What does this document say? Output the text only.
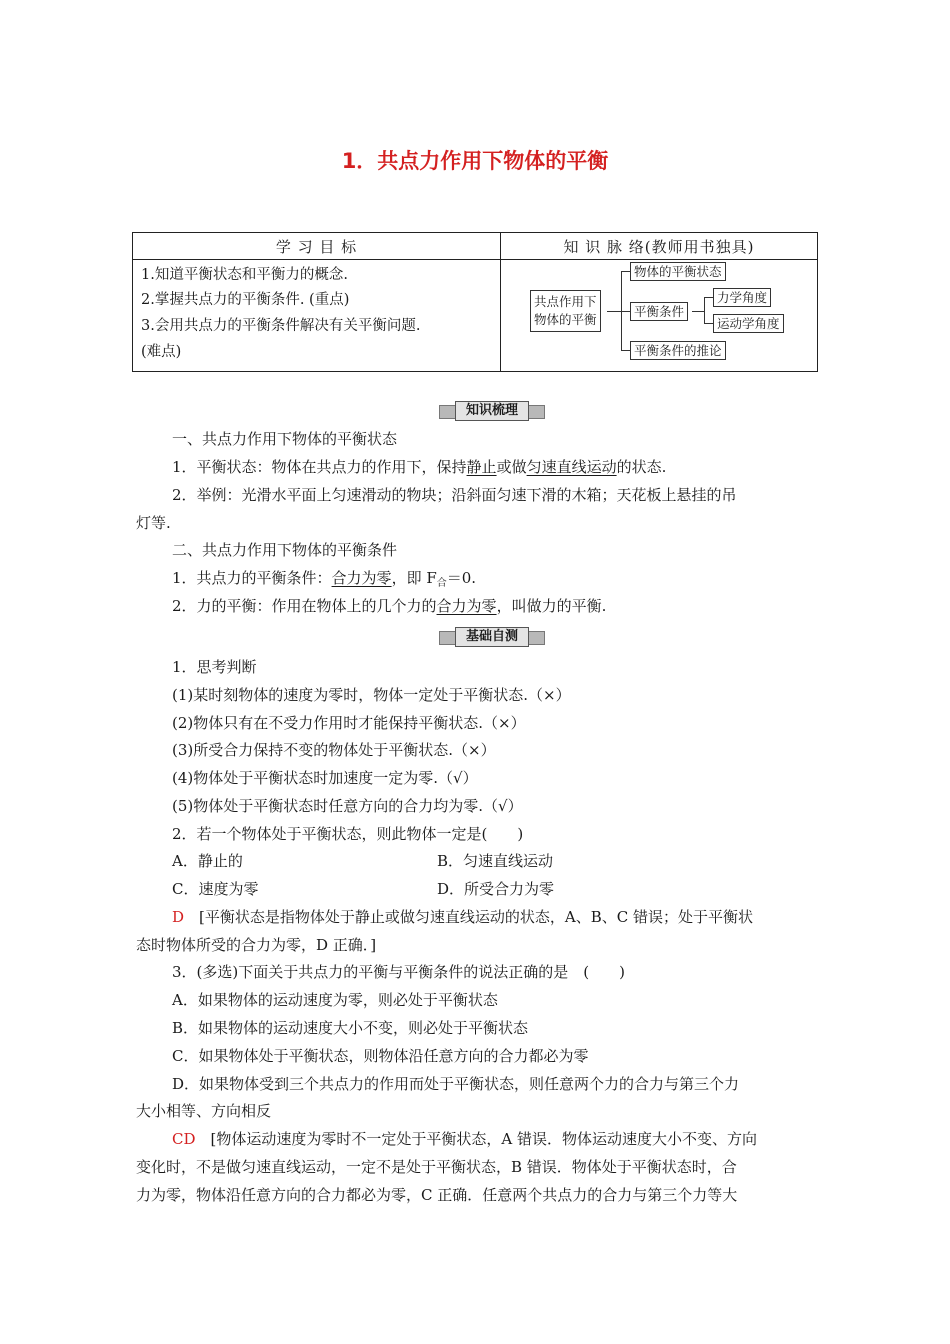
1．共点力作用下物体的平衡
学 习 目 标	知 识 脉 络(教师用书独具)
1.知道平衡状态和平衡力的概念.
2.掌握共点力的平衡条件. (重点)
3.会用共点力的平衡条件解决有关平衡问题.
(难点)
共点作用下
物体的平衡
物体的平衡状态
平衡条件
平衡条件的推论
力学角度
运动学角度
知识梳理
一、共点力作用下物体的平衡状态
1．平衡状态：物体在共点力的作用下，保持静止或做匀速直线运动的状态.
2．举例：光滑水平面上匀速滑动的物块；沿斜面匀速下滑的木箱；天花板上悬挂的吊
灯等.
二、共点力作用下物体的平衡条件
1．共点力的平衡条件：合力为零，即 $F_合=0$.
2．力的平衡：作用在物体上的几个力的合力为零，叫做力的平衡.
基础自测
1．思考判断
(1)某时刻物体的速度为零时，物体一定处于平衡状态.（×）
(2)物体只有在不受力作用时才能保持平衡状态.（×）
(3)所受合力保持不变的物体处于平衡状态.（×）
(4)物体处于平衡状态时加速度一定为零.（√）
(5)物体处于平衡状态时任意方向的合力均为零.（√）
2．若一个物体处于平衡状态，则此物体一定是(　　)
A．静止的	B．匀速直线运动
C．速度为零	D．所受合力为零
D　 [平衡状态是指物体处于静止或做匀速直线运动的状态，A、B、C 错误；处于平衡状
态时物体所受的合力为零，D 正确．]
3．(多选)下面关于共点力的平衡与平衡条件的说法正确的是　(　　)
A．如果物体的运动速度为零，则必处于平衡状态
B．如果物体的运动速度大小不变，则必处于平衡状态
C．如果物体处于平衡状态，则物体沿任意方向的合力都必为零
D．如果物体受到三个共点力的作用而处于平衡状态，则任意两个力的合力与第三个力
大小相等、方向相反
CD　 [物体运动速度为零时不一定处于平衡状态，A 错误．物体运动速度大小不变、方向
变化时，不是做匀速直线运动，一定不是处于平衡状态，B 错误．物体处于平衡状态时，合
力为零，物体沿任意方向的合力都必为零，C 正确．任意两个共点力的合力与第三个力等大
